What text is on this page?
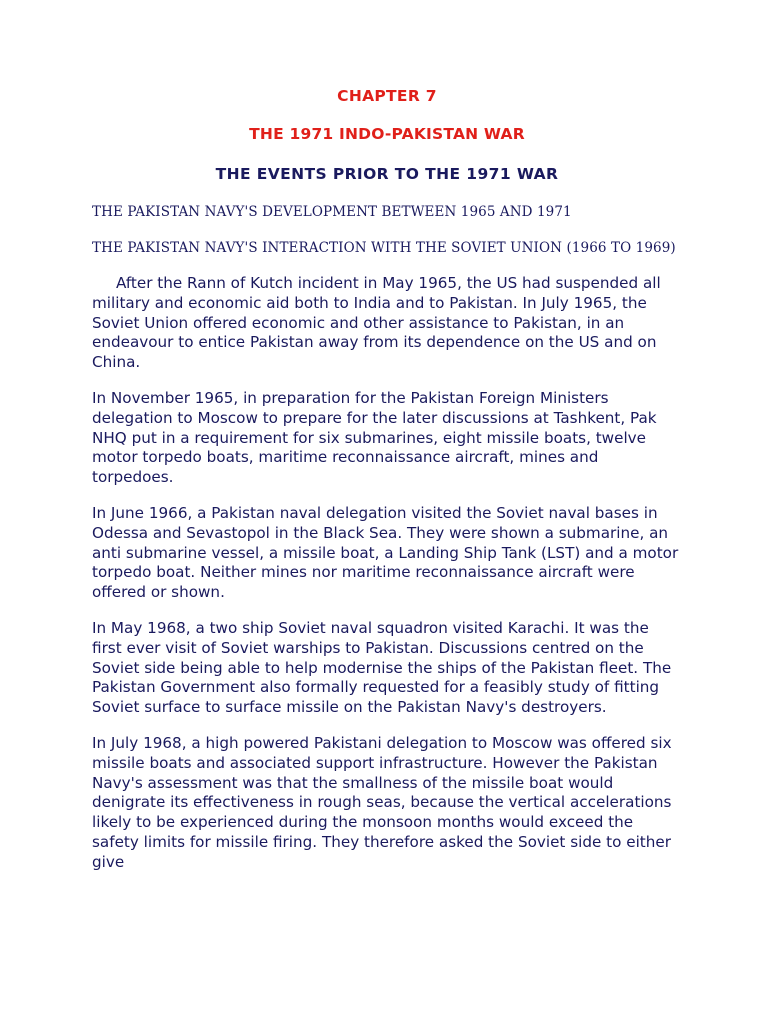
CHAPTER 7
THE 1971 INDO-PAKISTAN WAR
THE EVENTS PRIOR TO THE 1971 WAR
THE PAKISTAN NAVY'S DEVELOPMENT BETWEEN 1965 AND 1971
THE PAKISTAN NAVY'S INTERACTION WITH THE SOVIET UNION (1966 TO 1969)

After the Rann of Kutch incident in May 1965, the US had suspended all military and economic aid both to India and to Pakistan. In July 1965, the Soviet Union offered economic and other assistance to Pakistan, in an endeavour to entice Pakistan away from its dependence on the US and on China.

In November 1965, in preparation for the Pakistan Foreign Ministers delegation to Moscow to prepare for the later discussions at Tashkent, Pak NHQ put in a requirement for six submarines, eight missile boats, twelve motor torpedo boats, maritime reconnaissance aircraft, mines and torpedoes.

In June 1966, a Pakistan naval delegation visited the Soviet naval bases in Odessa and Sevastopol in the Black Sea. They were shown a submarine, an anti submarine vessel, a missile boat, a Landing Ship Tank (LST) and a motor torpedo boat. Neither mines nor maritime reconnaissance aircraft were offered or shown.

In May 1968, a two ship Soviet naval squadron visited Karachi. It was the first ever visit of Soviet warships to Pakistan. Discussions centred on the Soviet side being able to help modernise the ships of the Pakistan fleet. The Pakistan Government also formally requested for a feasibly study of fitting Soviet surface to surface missile on the Pakistan Navy's destroyers.

In July 1968, a high powered Pakistani delegation to Moscow was offered six missile boats and associated support infrastructure. However the Pakistan Navy's assessment was that the smallness of the missile boat would denigrate its effectiveness in rough seas, because the vertical accelerations likely to be experienced during the monsoon months would exceed the safety limits for missile firing. They therefore asked the Soviet side to either give
